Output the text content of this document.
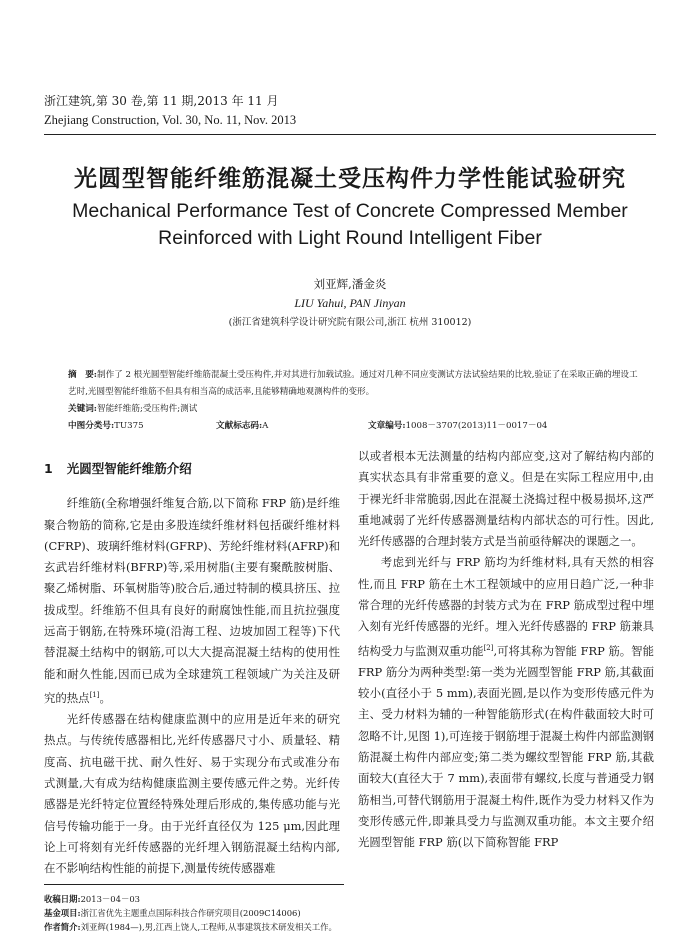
浙江建筑,第 30 卷,第 11 期,2013 年 11 月
Zhejiang Construction, Vol. 30, No. 11, Nov. 2013
光圆型智能纤维筋混凝土受压构件力学性能试验研究
Mechanical Performance Test of Concrete Compressed Member
Reinforced with Light Round Intelligent Fiber
刘亚辉,潘金炎
LIU Yahui, PAN Jinyan
(浙江省建筑科学设计研究院有限公司,浙江 杭州 310012)
摘　要:制作了 2 根光圆型智能纤维筋混凝土受压构件,并对其进行加载试验。通过对几种不同应变测试方法试验结果的比较,验证了在采取正确的埋设工艺时,光圆型智能纤维筋不但具有相当高的成活率,且能够精确地观测构件的变形。
关键词:智能纤维筋;受压构件;测试
中图分类号:TU375	文献标志码:A	文章编号:1008－3707(2013)11－0017－04
1 光圆型智能纤维筋介绍

纤维筋(全称增强纤维复合筋,以下简称 FRP 筋)是纤维聚合物筋的简称,它是由多股连续纤维材料包括碳纤维材料(CFRP)、玻璃纤维材料(GFRP)、芳纶纤维材料(AFRP)和玄武岩纤维材料(BFRP)等,采用树脂(主要有聚酰胺树脂、聚乙烯树脂、环氧树脂等)胶合后,通过特制的模具挤压、拉拔成型。纤维筋不但具有良好的耐腐蚀性能,而且抗拉强度远高于钢筋,在特殊环境(沿海工程、边坡加固工程等)下代替混凝土结构中的钢筋,可以大大提高混凝土结构的使用性能和耐久性能,因而已成为全球建筑工程领域广为关注及研究的热点[1]。

光纤传感器在结构健康监测中的应用是近年来的研究热点。与传统传感器相比,光纤传感器尺寸小、质量轻、精度高、抗电磁干扰、耐久性好、易于实现分布式或准分布式测量,大有成为结构健康监测主要传感元件之势。光纤传感器是光纤特定位置经特殊处理后形成的,集传感功能与光信号传输功能于一身。由于光纤直径仅为 125 μm,因此理论上可将刻有光纤传感器的光纤埋入钢筋混凝土结构内部,在不影响结构性能的前提下,测量传统传感器难

以或者根本无法测量的结构内部应变,这对了解结构内部的真实状态具有非常重要的意义。但是在实际工程应用中,由于裸光纤非常脆弱,因此在混凝土浇捣过程中极易损坏,这严重地减弱了光纤传感器测量结构内部状态的可行性。因此,光纤传感器的合理封装方式是当前亟待解决的课题之一。

考虑到光纤与 FRP 筋均为纤维材料,具有天然的相容性,而且 FRP 筋在土木工程领域中的应用日趋广泛,一种非常合理的光纤传感器的封装方式为在 FRP 筋成型过程中埋入刻有光纤传感器的光纤。埋入光纤传感器的 FRP 筋兼具结构受力与监测双重功能[2],可将其称为智能 FRP 筋。智能 FRP 筋分为两种类型:第一类为光圆型智能 FRP 筋,其截面较小(直径小于 5 mm),表面光圆,是以作为变形传感元件为主、受力材料为辅的一种智能筋形式(在构件截面较大时可忽略不计,见图 1),可连接于钢筋埋于混凝土构件内部监测钢筋混凝土构件内部应变;第二类为螺纹型智能 FRP 筋,其截面较大(直径大于 7 mm),表面带有螺纹,长度与普通受力钢筋相当,可替代钢筋用于混凝土构件,既作为受力材料又作为变形传感元件,即兼具受力与监测双重功能。本文主要介绍光圆型智能 FRP 筋(以下简称智能 FRP

收稿日期:2013－04－03
基金项目:浙江省优先主题重点国际科技合作研究项目(2009C14006)
作者简介:刘亚辉(1984—),男,江西上饶人,工程师,从事建筑技术研发相关工作。
